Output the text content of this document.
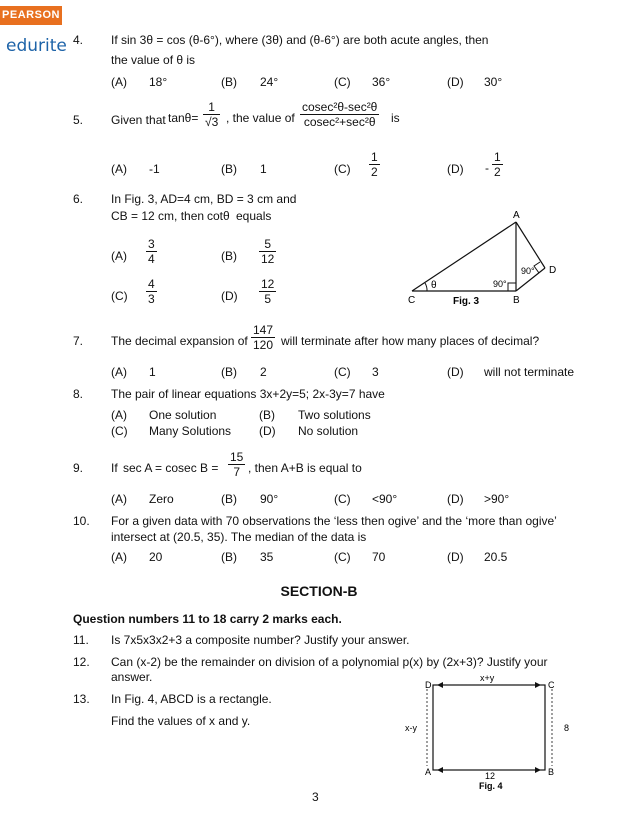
PEARSON
edurite 4. If sin 3θ = cos (θ-6°), where (3θ) and (θ-6°) are both acute angles, then
the value of θ is
(A) 18°	(B) 24°	(C) 36°	(D) 30°
5. Given that $\tan\theta= \frac{1}{√3}$ , the value of
cosec²θ-sec²θ
cosec²+sec²θ	is
(A) -1	(B) 1	$(C) \frac{1}{2}$	$(D) - \frac{1}{2}$
6. In Fig. 3, AD=4 cm, BD = 3 cm and
CB = 12 cm, then cotθ equals
$(A) \frac{3}{4}$	$(B) \frac{5}{12}$
$(C) \frac{4}{3}$	$(D) \frac{12}{5}$
A
B
C
D
θ	90°
90°
Fig. 3
D	C
A	B
x+y
x-y	8
12
Fig. 4
7. The decimal expansion of $\frac{147}{120}$ will terminate after how many places of decimal?
(A) 1	(B) 2	(C) 3	(D) will not terminate
8. The pair of linear equations 3x+2y=5; 2x-3y=7 have
(A) One solution	(B) Two solutions
(C) Many Solutions (D) No solution
9. If sec A = cosec $B = \frac{15}{7}$ , then A+B is equal to
(A) Zero	(B) 90°	(C) <90°	(D) >90°
10. For a given data with 70 observations the ‘less then ogive’ and the ‘more than ogive’
intersect at (20.5, 35). The median of the data is
(A) 20	(B) 35	(C) 70	(D) 20.5
SECTION-B
Question numbers 11 to 18 carry 2 marks each.
11. Is 7x5x3x2+3 a composite number? Justify your answer.
12. Can (x-2) be the remainder on division of a polynomial p(x) by (2x+3)? Justify your
answer.
13. In Fig. 4, ABCD is a rectangle.
Find the values of x and y.
3
